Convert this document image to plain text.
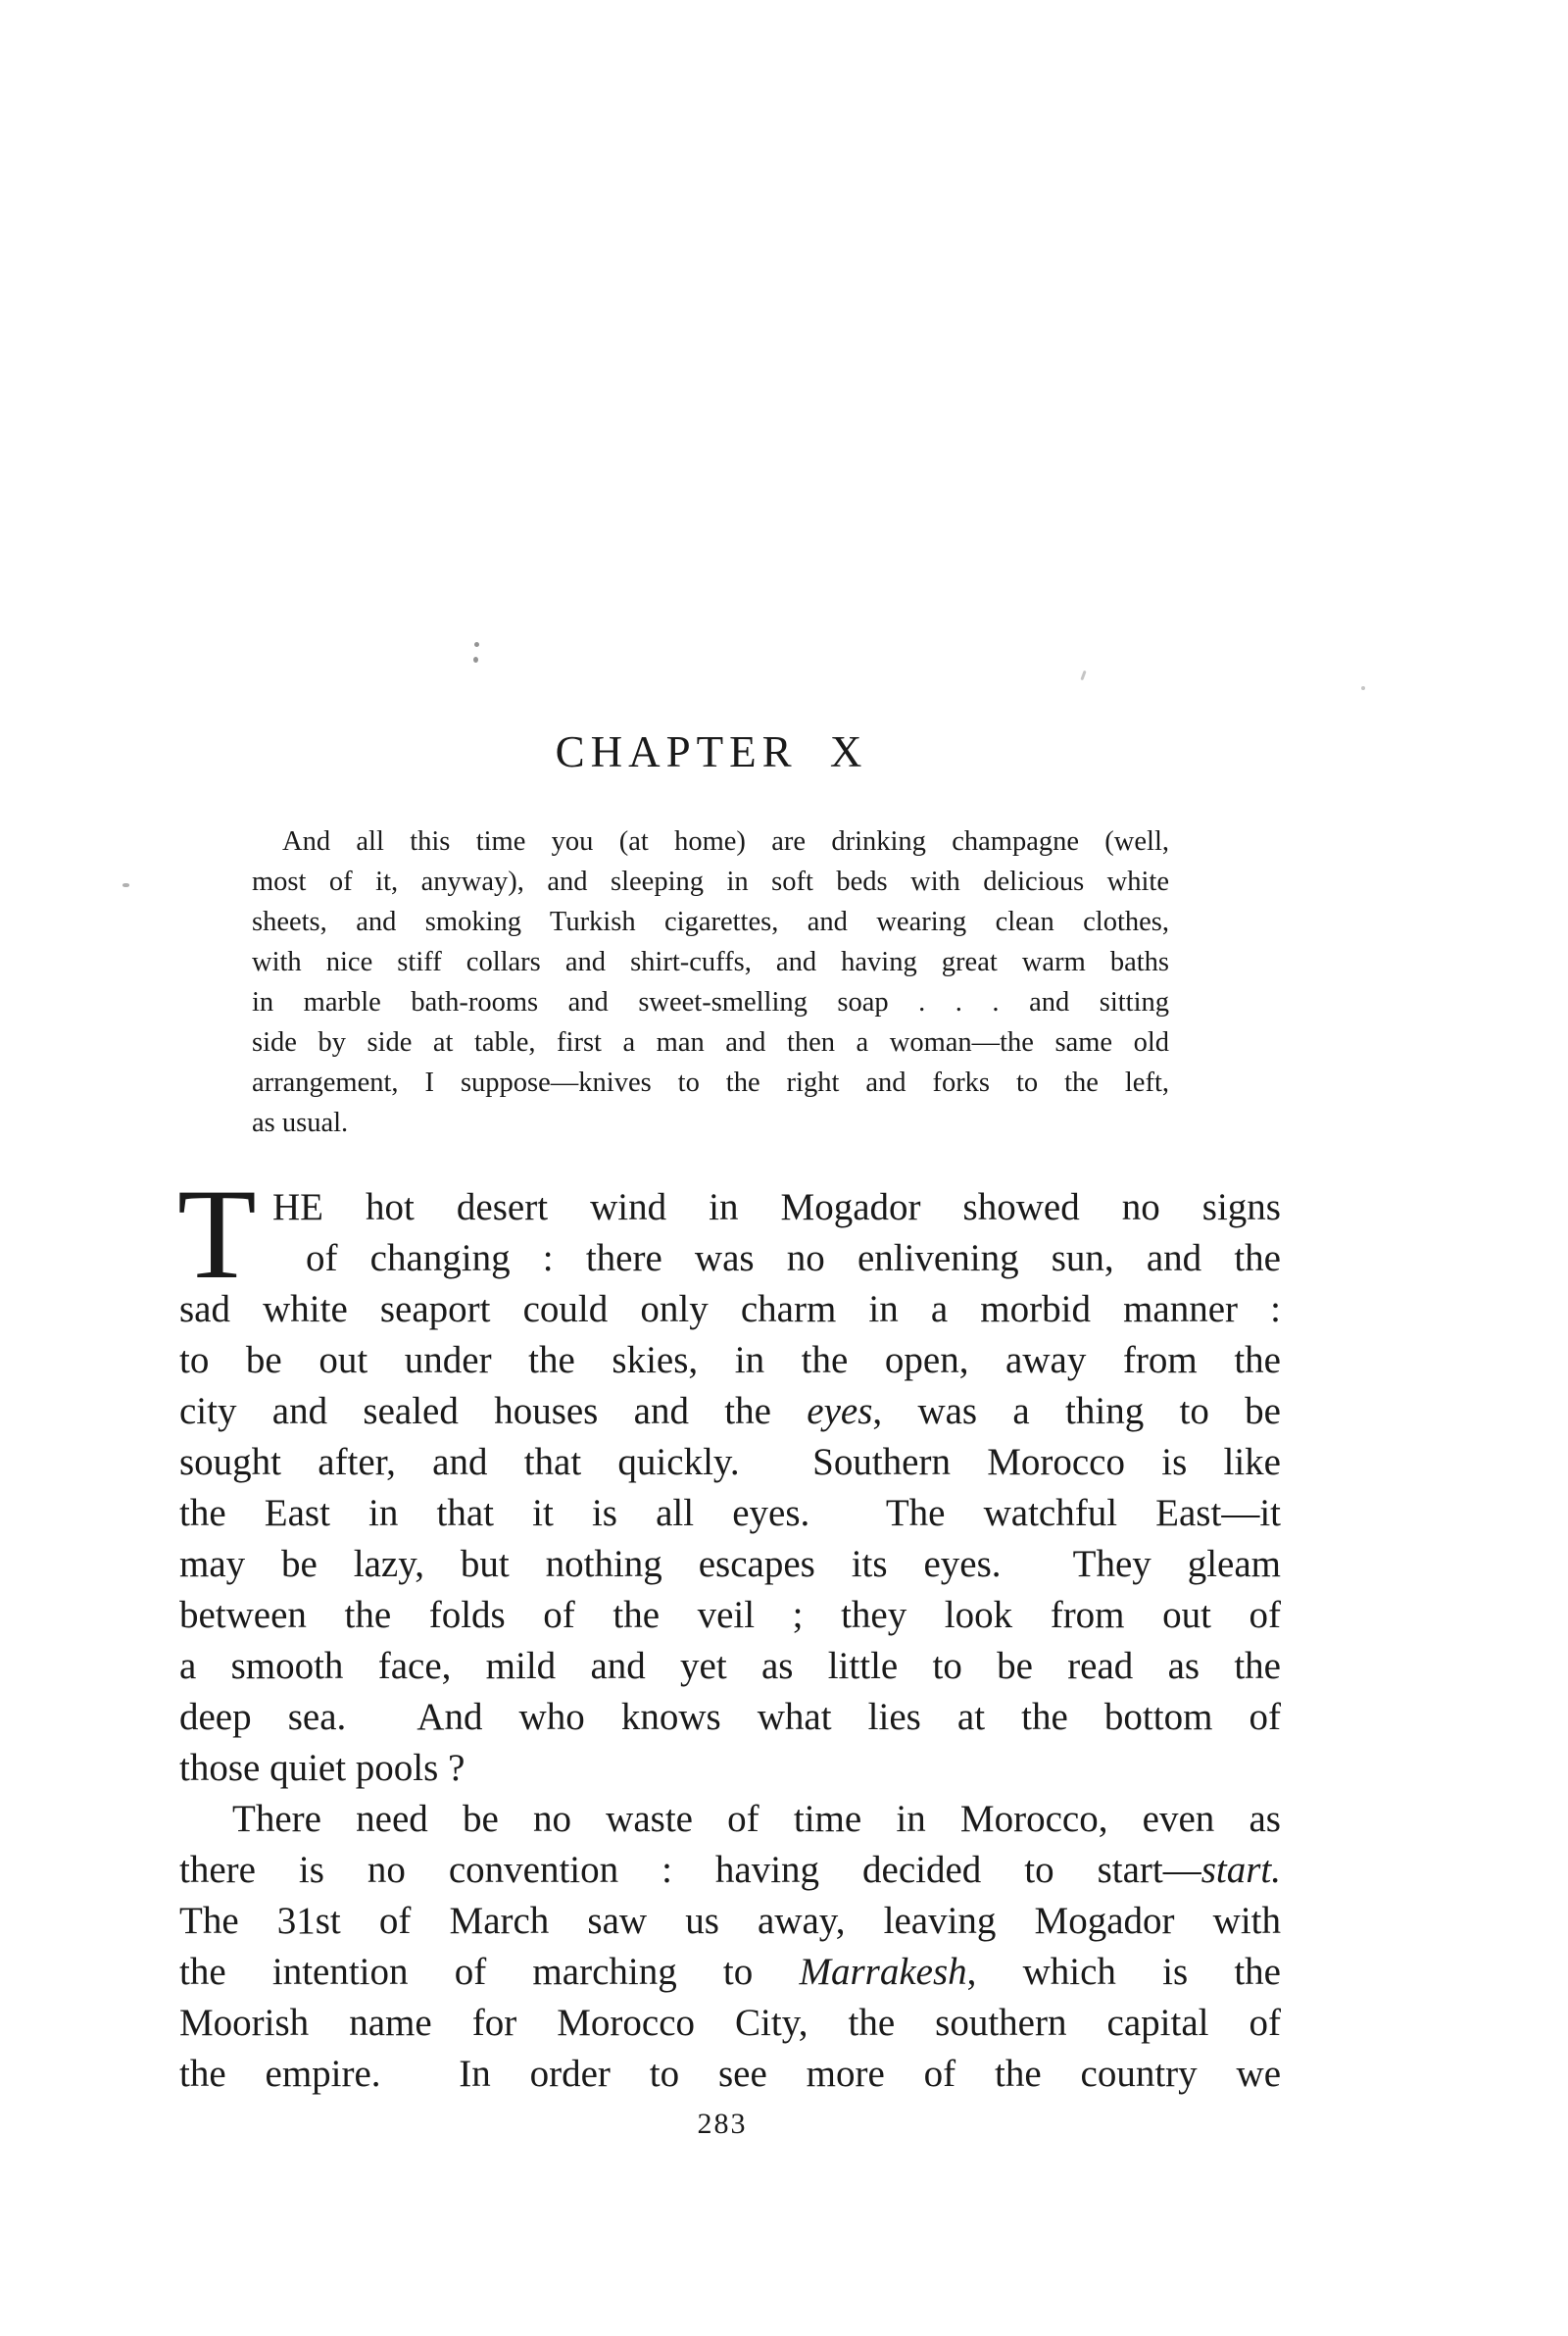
CHAPTER X
And all this time you (at home) are drinking champagne (well,
most of it, anyway), and sleeping in soft beds with delicious white
sheets, and smoking Turkish cigarettes, and wearing clean clothes,
with nice stiff collars and shirt-cuffs, and having great warm baths
in marble bath-rooms and sweet-smelling soap . . . and sitting
side by side at table, first a man and then a woman—the same old
arrangement, I suppose—knives to the right and forks to the left,
as usual.
T HE hot desert wind in Mogador showed no signs
of changing : there was no enlivening sun, and the
sad white seaport could only charm in a morbid manner :
to be out under the skies, in the open, away from the
city and sealed houses and the eyes, was a thing to be
sought after, and that quickly.  Southern Morocco is like
the East in that it is all eyes.  The watchful East—it
may be lazy, but nothing escapes its eyes.  They gleam
between the folds of the veil ; they look from out of
a smooth face, mild and yet as little to be read as the
deep sea.  And who knows what lies at the bottom of
those quiet pools ?
There need be no waste of time in Morocco, even as
there is no convention : having decided to start—start.
The 31st of March saw us away, leaving Mogador with
the intention of marching to Marrakesh, which is the
Moorish name for Morocco City, the southern capital of
the empire.  In order to see more of the country we
283
